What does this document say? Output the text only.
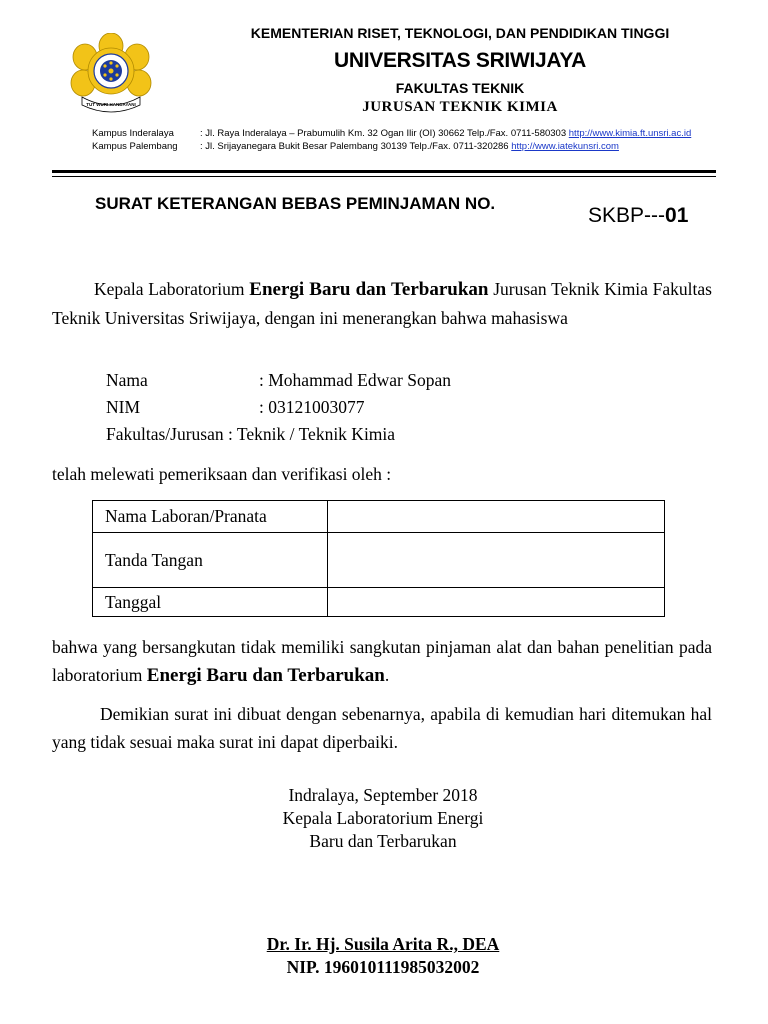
TUT WURI HANDAYANI
KEMENTERIAN RISET, TEKNOLOGI, DAN PENDIDIKAN TINGGI
UNIVERSITAS SRIWIJAYA
FAKULTAS TEKNIK
JURUSAN TEKNIK KIMIA
Kampus Inderalaya	: Jl. Raya Inderalaya – Prabumulih Km. 32 Ogan Ilir (OI) 30662 Telp./Fax. 0711-580303 http://www.kimia.ft.unsri.ac.id
Kampus Palembang : Jl. Srijayanegara Bukit Besar Palembang 30139 Telp./Fax. 0711-320286 http://www.iatekunsri.com
SURAT KETERANGAN BEBAS PEMINJAMAN NO.
SKBP---01
Kepala Laboratorium Energi Baru dan Terbarukan Jurusan Teknik Kimia Fakultas Teknik Universitas Sriwijaya, dengan ini menerangkan bahwa mahasiswa
Nama	: Mohammad Edwar Sopan
NIM	: 03121003077
Fakultas/Jurusan : Teknik / Teknik Kimia
telah melewati pemeriksaan dan verifikasi oleh :
Nama Laboran/Pranata	
Tanda Tangan	
Tanggal	
bahwa yang bersangkutan tidak memiliki sangkutan pinjaman alat dan bahan penelitian pada laboratorium Energi Baru dan Terbarukan.
Demikian surat ini dibuat dengan sebenarnya, apabila di kemudian hari ditemukan hal yang tidak sesuai maka surat ini dapat diperbaiki.
Indralaya, September 2018
Kepala Laboratorium Energi
Baru dan Terbarukan
Dr. Ir. Hj. Susila Arita R., DEA
NIP. 196010111985032002
